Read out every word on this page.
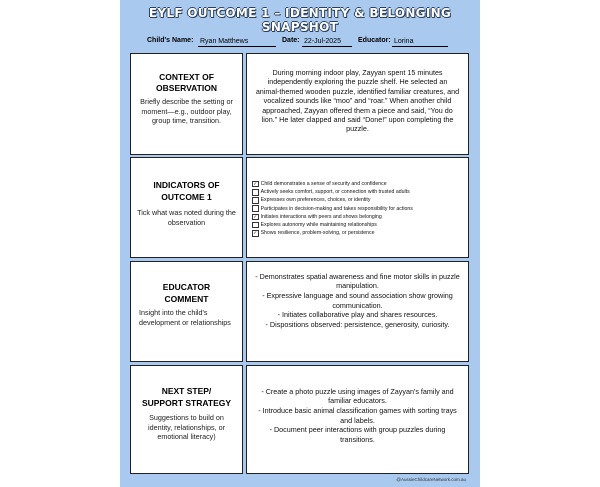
EYLF OUTCOME 1 – IDENTITY & BELONGING SNAPSHOT
Child's Name: Ryan Matthews	Date: 22-Jul-2025	Educator: Lorina
CONTEXT OF
OBSERVATION
Briefly describe the setting or moment—e.g., outdoor play, group time, transition.
During morning indoor play, Zayyan spent 15 minutes independently exploring the puzzle shelf. He selected an animal-themed wooden puzzle, identified familiar creatures, and vocalized sounds like “moo” and “roar.” When another child approached, Zayyan offered them a piece and said, “You do lion.” He later clapped and said “Done!” upon completing the puzzle.
INDICATORS OF
OUTCOME 1
Tick what was noted during the observation
✓ Child demonstrates a sense of security and confidence
Actively seeks comfort, support, or connection with trusted adults
Expresses own preferences, choices, or identity
Participates in decision-making and takes responsibility for actions
✓ Initiates interactions with peers and shows belonging
Explores autonomy while maintaining relationships
✓ Shows resilience, problem-solving, or persistence
EDUCATOR
COMMENT
Insight into the child's development or relationships
- Demonstrates spatial awareness and fine motor skills in puzzle manipulation.
- Expressive language and sound association show growing communication.
- Initiates collaborative play and shares resources.
- Dispositions observed: persistence, generosity, curiosity.
NEXT STEP/
SUPPORT STRATEGY
Suggestions to build on identity, relationships, or emotional literacy)
- Create a photo puzzle using images of Zayyan's family and familiar educators.
- Introduce basic animal classification games with sorting trays and labels.
- Document peer interactions with group puzzles during transitions.
@AussieChildcareNetwork.com.au
